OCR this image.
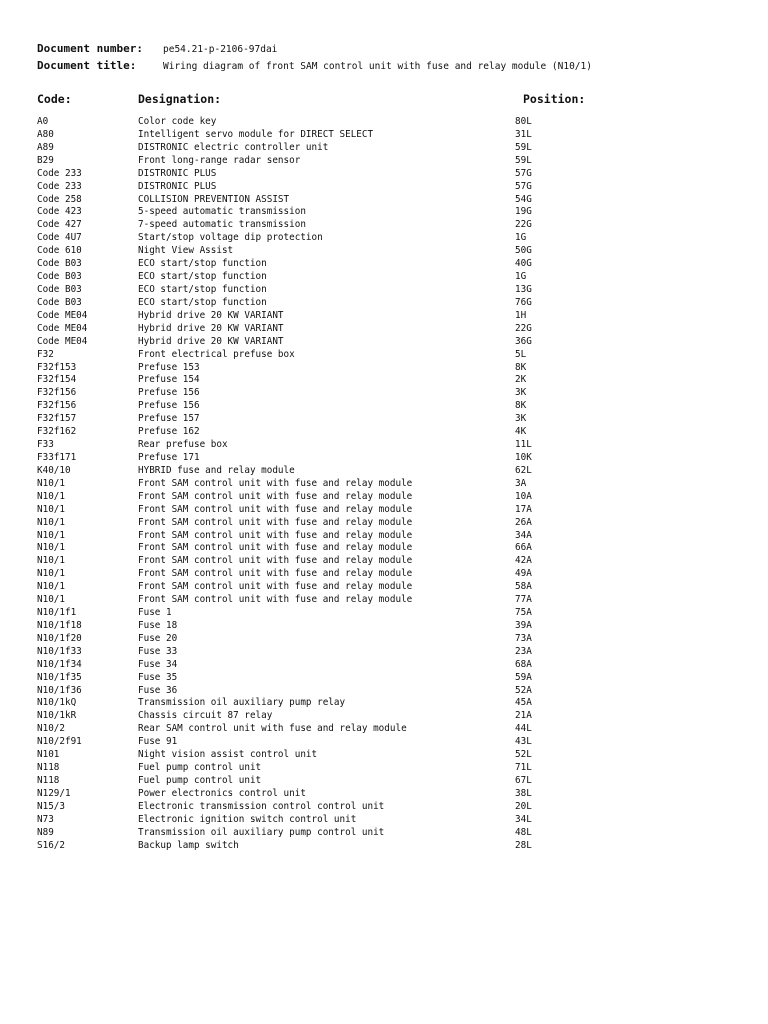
Document number: pe54.21-p-2106-97dai
Document title:	Wiring diagram of front SAM control unit with fuse and relay module (N10/1)
Code:	Designation:	Position:
A0	Color code key	80L
A80	Intelligent servo module for DIRECT SELECT	31L
A89	DISTRONIC electric controller unit	59L
B29	Front long-range radar sensor	59L
Code 233	DISTRONIC PLUS	57G
Code 233	DISTRONIC PLUS	57G
Code 258	COLLISION PREVENTION ASSIST	54G
Code 423	5-speed automatic transmission	19G
Code 427	7-speed automatic transmission	22G
Code 4U7	Start/stop voltage dip protection	1G
Code 610	Night View Assist	50G
Code B03	ECO start/stop function	40G
Code B03	ECO start/stop function	1G
Code B03	ECO start/stop function	13G
Code B03	ECO start/stop function	76G
Code ME04	Hybrid drive 20 KW VARIANT	1H
Code ME04	Hybrid drive 20 KW VARIANT	22G
Code ME04	Hybrid drive 20 KW VARIANT	36G
F32	Front electrical prefuse box	5L
F32f153	Prefuse 153	8K
F32f154	Prefuse 154	2K
F32f156	Prefuse 156	3K
F32f156	Prefuse 156	8K
F32f157	Prefuse 157	3K
F32f162	Prefuse 162	4K
F33	Rear prefuse box	11L
F33f171	Prefuse 171	10K
K40/10	HYBRID fuse and relay module	62L
N10/1	Front SAM control unit with fuse and relay module	3A
N10/1	Front SAM control unit with fuse and relay module	10A
N10/1	Front SAM control unit with fuse and relay module	17A
N10/1	Front SAM control unit with fuse and relay module	26A
N10/1	Front SAM control unit with fuse and relay module	34A
N10/1	Front SAM control unit with fuse and relay module	66A
N10/1	Front SAM control unit with fuse and relay module	42A
N10/1	Front SAM control unit with fuse and relay module	49A
N10/1	Front SAM control unit with fuse and relay module	58A
N10/1	Front SAM control unit with fuse and relay module	77A
N10/1f1	Fuse 1	75A
N10/1f18	Fuse 18	39A
N10/1f20	Fuse 20	73A
N10/1f33	Fuse 33	23A
N10/1f34	Fuse 34	68A
N10/1f35	Fuse 35	59A
N10/1f36	Fuse 36	52A
N10/1kQ	Transmission oil auxiliary pump relay	45A
N10/1kR	Chassis circuit 87 relay	21A
N10/2	Rear SAM control unit with fuse and relay module	44L
N10/2f91	Fuse 91	43L
N101	Night vision assist control unit	52L
N118	Fuel pump control unit	71L
N118	Fuel pump control unit	67L
N129/1	Power electronics control unit	38L
N15/3	Electronic transmission control control unit	20L
N73	Electronic ignition switch control unit	34L
N89	Transmission oil auxiliary pump control unit	48L
S16/2	Backup lamp switch	28L
